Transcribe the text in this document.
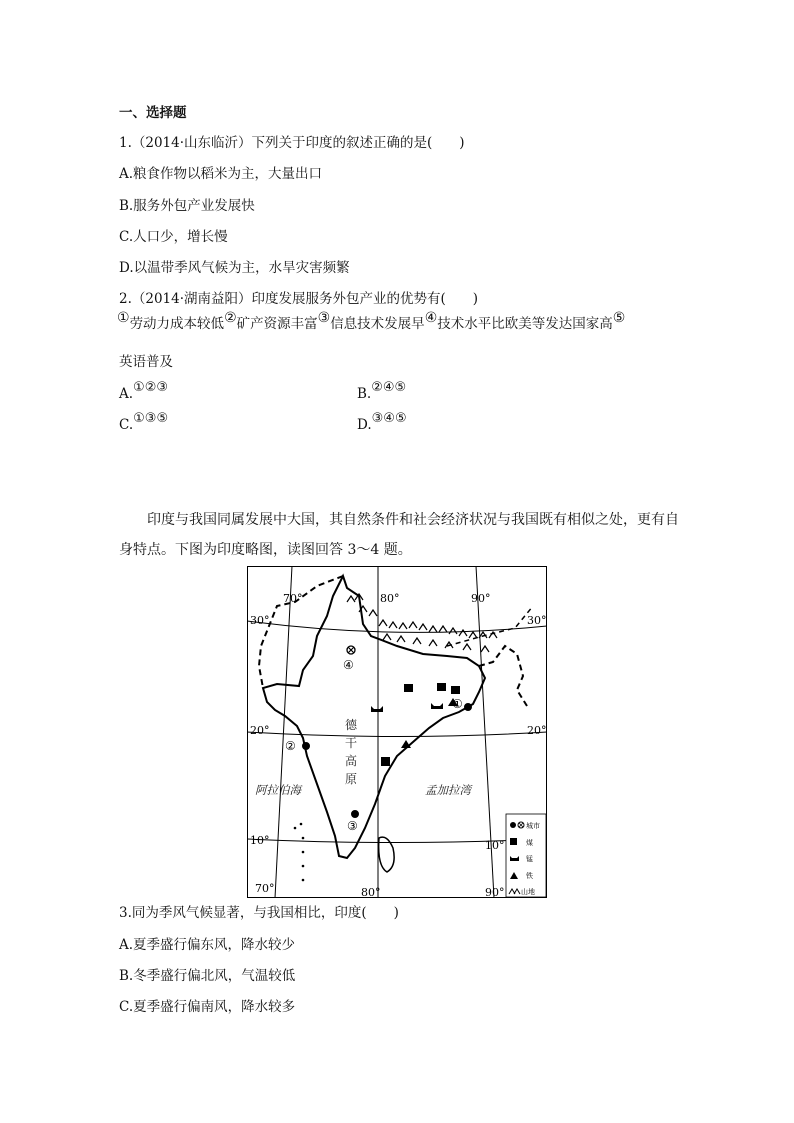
一、选择题
1.（2014·山东临沂）下列关于印度的叙述正确的是(　　)
A.粮食作物以稻米为主，大量出口
B.服务外包产业发展快
C.人口少，增长慢
D.以温带季风气候为主，水旱灾害频繁
2.（2014·湖南益阳）印度发展服务外包产业的优势有(　　)
①劳动力成本较低②矿产资源丰富③信息技术发展早④技术水平比欧美等发达国家高⑤
英语普及
A.①②③	B.②④⑤
C.①③⑤	D.③④⑤
印度与我国同属发展中大国，其自然条件和社会经济状况与我国既有相似之处，更有自身特点。下图为印度略图，读图回答 3～4 题。
70°	80°	90°
70°	80°	90°
30°	30°
20°	20°
10°	10°
①
②
③
④
德
干
高
原
阿拉伯海	孟加拉湾
城市
煤
锰
铁
山地
3.同为季风气候显著，与我国相比，印度(　　)
A.夏季盛行偏东风，降水较少
B.冬季盛行偏北风，气温较低
C.夏季盛行偏南风，降水较多
